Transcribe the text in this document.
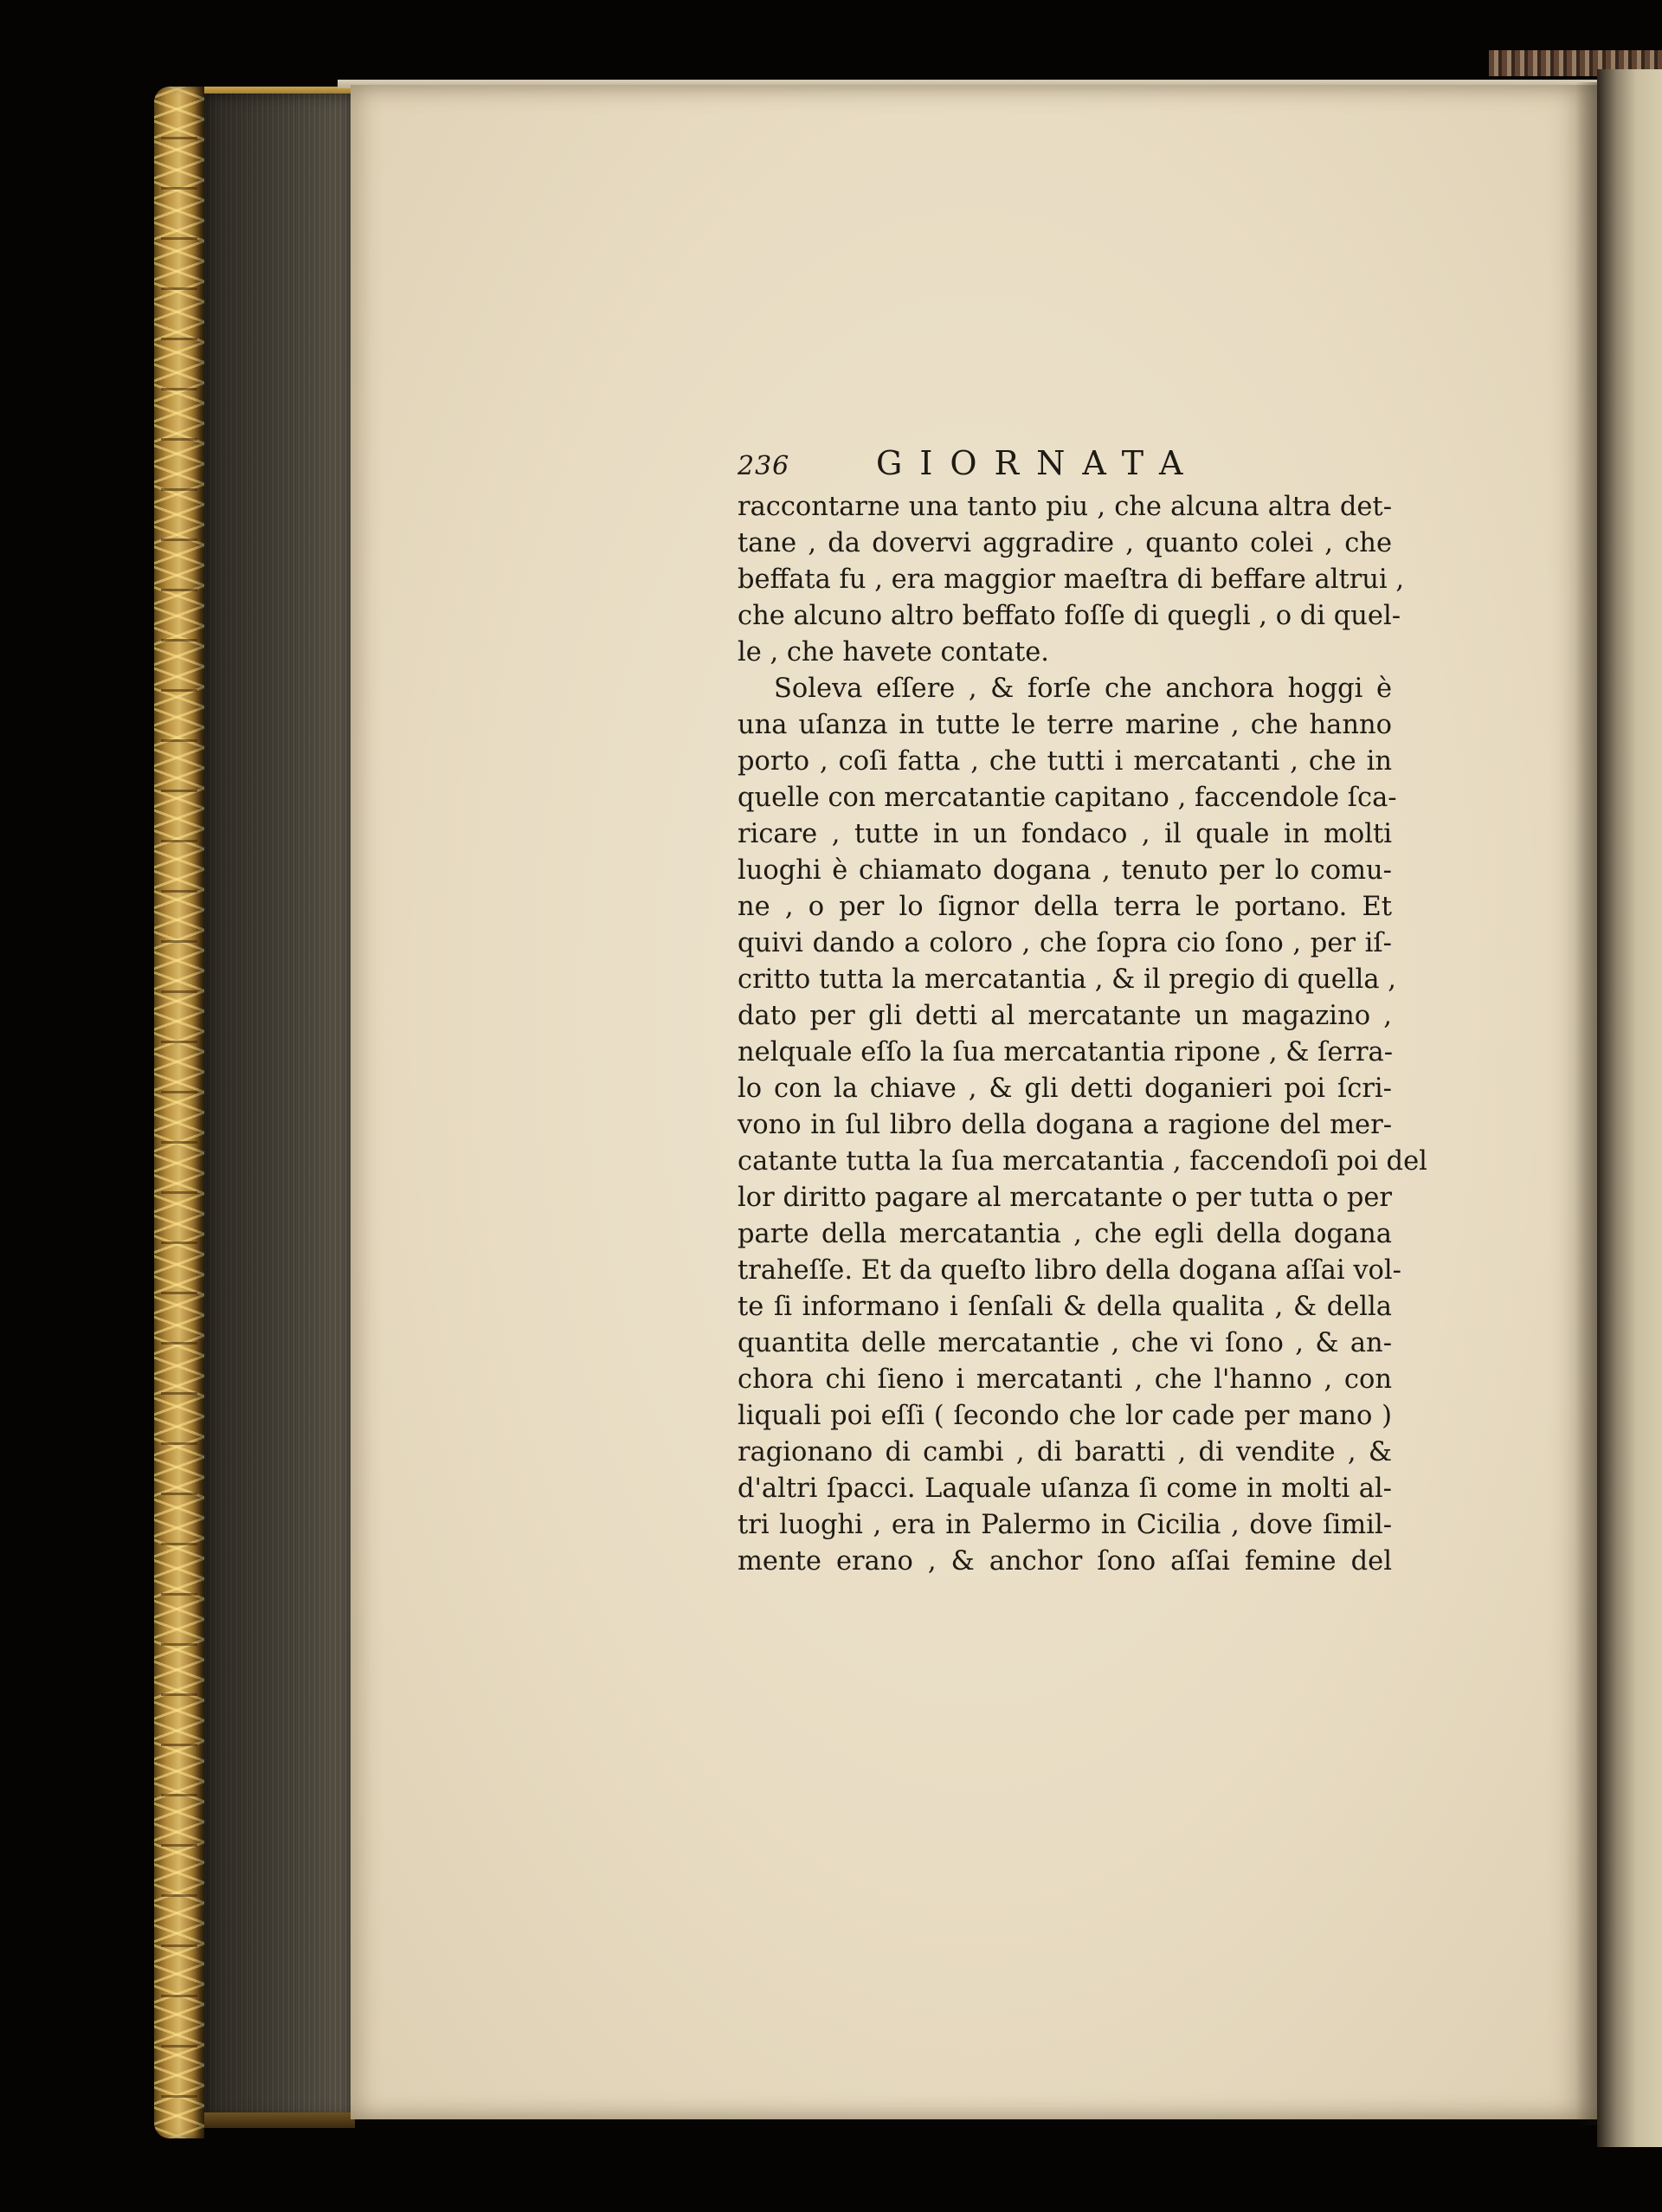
236	GIORNATA
raccontarne una tanto piu , che alcuna altra det-
tane , da dovervi aggradire , quanto colei , che
beffata fu , era maggior maeſtra di beffare altrui ,
che alcuno altro beffato foſſe di quegli , o di quel-
le , che havete contate.
Soleva eſſere , & forſe che anchora hoggi è
una uſanza in tutte le terre marine , che hanno
porto , coſi fatta , che tutti i mercatanti , che in
quelle con mercatantie capitano , faccendole ſca-
ricare , tutte in un fondaco , il quale in molti
luoghi è chiamato dogana , tenuto per lo comu-
ne , o per lo ſignor della terra le portano. Et
quivi dando a coloro , che ſopra cio ſono , per iſ-
critto tutta la mercatantia , & il pregio di quella ,
dato per gli detti al mercatante un magazino ,
nelquale eſſo la ſua mercatantia ripone , & ſerra-
lo con la chiave , & gli detti doganieri poi ſcri-
vono in ſul libro della dogana a ragione del mer-
catante tutta la ſua mercatantia , faccendoſi poi del
lor diritto pagare al mercatante o per tutta o per
parte della mercatantia , che egli della dogana
traheſſe. Et da queſto libro della dogana aſſai vol-
te ſi informano i ſenſali & della qualita , & della
quantita delle mercatantie , che vi ſono , & an-
chora chi ſieno i mercatanti , che l'hanno , con
liquali poi eſſi ( ſecondo che lor cade per mano )
ragionano di cambi , di baratti , di vendite , &
d'altri ſpacci. Laquale uſanza ſi come in molti al-
tri luoghi , era in Palermo in Cicilia , dove ſimil-
mente erano , & anchor ſono aſſai femine del
